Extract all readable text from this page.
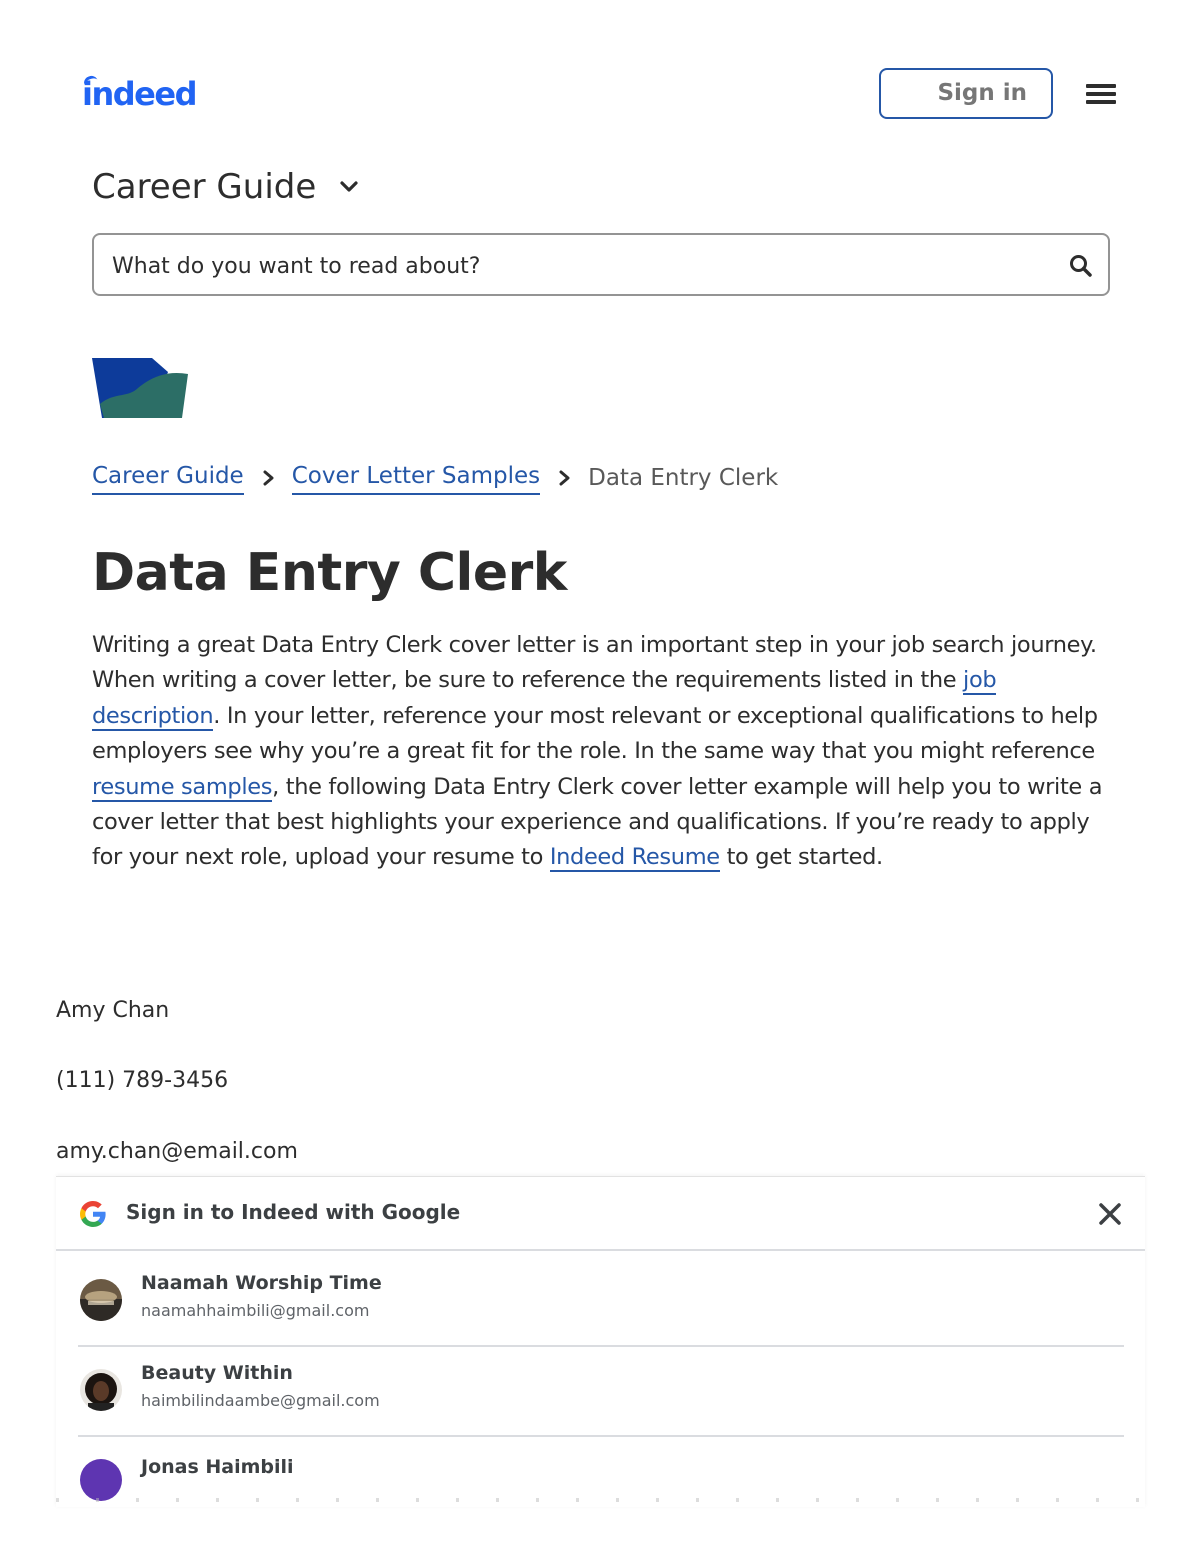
indeed	Sign in
Career Guide
What do you want to read about?
Career Guide Cover Letter Samples Data Entry Clerk
Data Entry Clerk

Writing a great Data Entry Clerk cover letter is an important step in your job search journey. When writing a cover letter, be sure to reference the requirements listed in the job description. In your letter, reference your most relevant or exceptional qualifications to help employers see why you’re a great fit for the role. In the same way that you might reference resume samples, the following Data Entry Clerk cover letter example will help you to write a cover letter that best highlights your experience and qualifications. If you’re ready to apply for your next role, upload your resume to Indeed Resume to get started.

Amy Chan
(111) 789-3456
amy.chan@email.com
Sign in to Indeed with Google
Naamah Worship Time
naamahhaimbili@gmail.com
Beauty Within
haimbilindaambe@gmail.com
Jonas Haimbili
